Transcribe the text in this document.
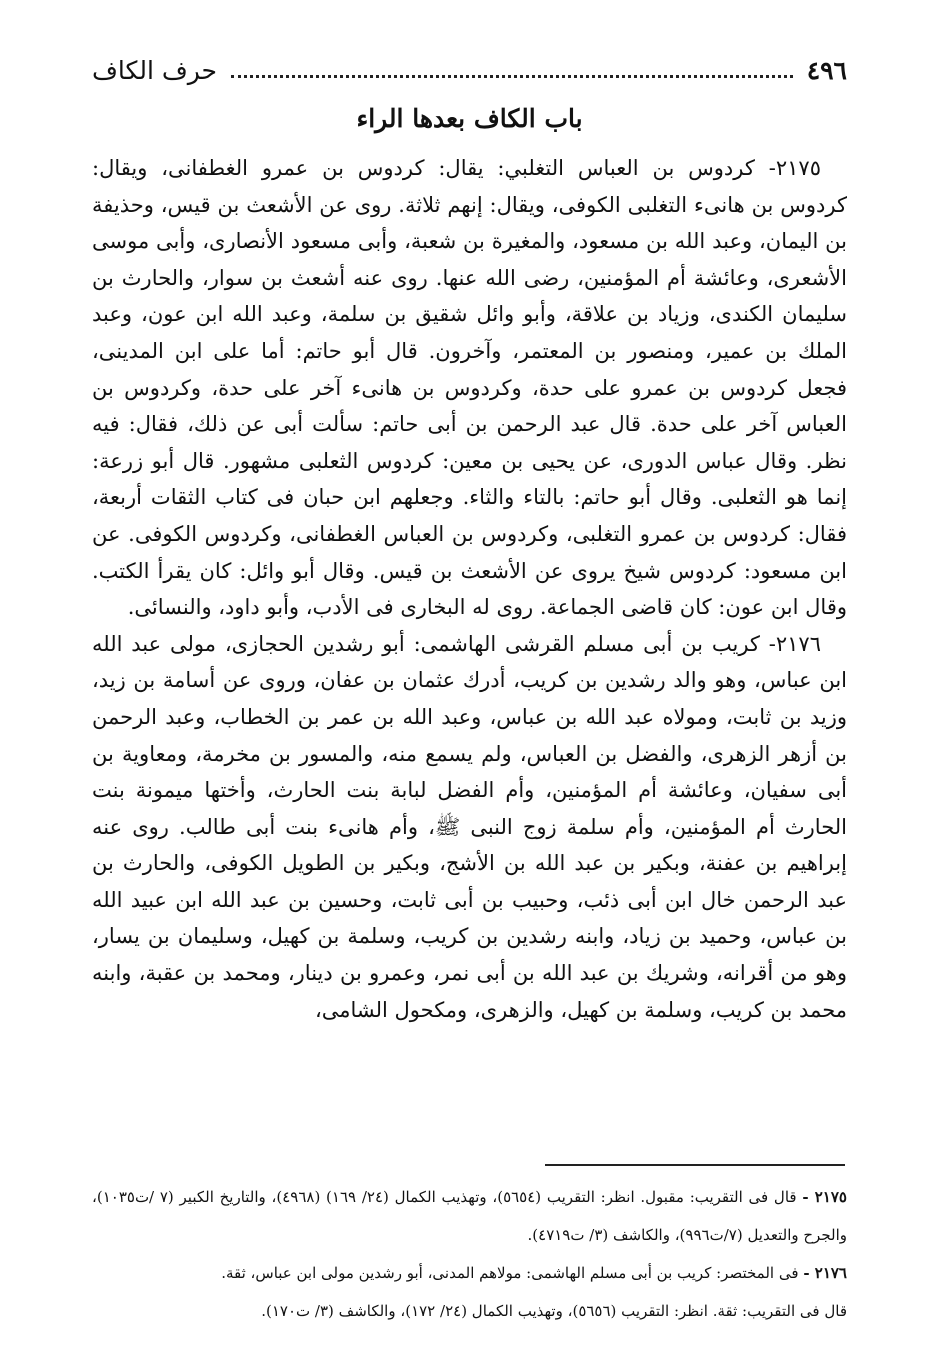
٤٩٦
حرف الكاف
باب الكاف بعدها الراء

٢١٧٥- كردوس بن العباس التغلبي: يقال: كردوس بن عمرو الغطفانى، ويقال: كردوس بن هانىء التغلبى الكوفى، ويقال: إنهم ثلاثة. روى عن الأشعث بن قيس، وحذيفة بن اليمان، وعبد الله بن مسعود، والمغيرة بن شعبة، وأبى مسعود الأنصارى، وأبى موسى الأشعرى، وعائشة أم المؤمنين، رضى الله عنها. روى عنه أشعث بن سوار، والحارث بن سليمان الكندى، وزياد بن علاقة، وأبو وائل شقيق بن سلمة، وعبد الله ابن عون، وعبد الملك بن عمير، ومنصور بن المعتمر، وآخرون. قال أبو حاتم: أما على ابن المدينى، فجعل كردوس بن عمرو على حدة، وكردوس بن هانىء آخر على حدة، وكردوس بن العباس آخر على حدة. قال عبد الرحمن بن أبى حاتم: سألت أبى عن ذلك، فقال: فيه نظر. وقال عباس الدورى، عن يحيى بن معين: كردوس الثعلبى مشهور. قال أبو زرعة: إنما هو الثعلبى. وقال أبو حاتم: بالتاء والثاء. وجعلهم ابن حبان فى كتاب الثقات أربعة، فقال: كردوس بن عمرو التغلبى، وكردوس بن العباس الغطفانى، وكردوس الكوفى. عن ابن مسعود: كردوس شيخ يروى عن الأشعث بن قيس. وقال أبو وائل: كان يقرأ الكتب. وقال ابن عون: كان قاضى الجماعة. روى له البخارى فى الأدب، وأبو داود، والنسائى.

٢١٧٦- كريب بن أبى مسلم القرشى الهاشمى: أبو رشدين الحجازى، مولى عبد الله ابن عباس، وهو والد رشدين بن كريب، أدرك عثمان بن عفان، وروى عن أسامة بن زيد، وزيد بن ثابت، ومولاه عبد الله بن عباس، وعبد الله بن عمر بن الخطاب، وعبد الرحمن بن أزهر الزهرى، والفضل بن العباس، ولم يسمع منه، والمسور بن مخرمة، ومعاوية بن أبى سفيان، وعائشة أم المؤمنين، وأم الفضل لبابة بنت الحارث، وأختها ميمونة بنت الحارث أم المؤمنين، وأم سلمة زوج النبى ﷺ، وأم هانىء بنت أبى طالب. روى عنه إبراهيم بن عفنة، وبكير بن عبد الله بن الأشج، وبكير بن الطويل الكوفى، والحارث بن عبد الرحمن خال ابن أبى ذئب، وحبيب بن أبى ثابت، وحسين بن عبد الله ابن عبيد الله بن عباس، وحميد بن زياد، وابنه رشدين بن كريب، وسلمة بن كهيل، وسليمان بن يسار، وهو من أقرانه، وشريك بن عبد الله بن أبى نمر، وعمرو بن دينار، ومحمد بن عقبة، وابنه محمد بن كريب، وسلمة بن كهيل، والزهرى، ومكحول الشامى،

٢١٧٥ - قال فى التقريب: مقبول. انظر: التقريب (٥٦٥٤)، وتهذيب الكمال (٢٤/ ١٦٩) (٤٩٦٨)، والتاريخ الكبير (٧ /ت١٠٣٥)، والجرح والتعديل (٧/ت٩٩٦)، والكاشف (٣/ ت٤٧١٩).

٢١٧٦ - فى المختصر: كريب بن أبى مسلم الهاشمى: مولاهم المدنى، أبو رشدين مولى ابن عباس، ثقة.

قال فى التقريب: ثقة. انظر: التقريب (٥٦٥٦)، وتهذيب الكمال (٢٤/ ١٧٢)، والكاشف (٣/ ت١٧٠).
